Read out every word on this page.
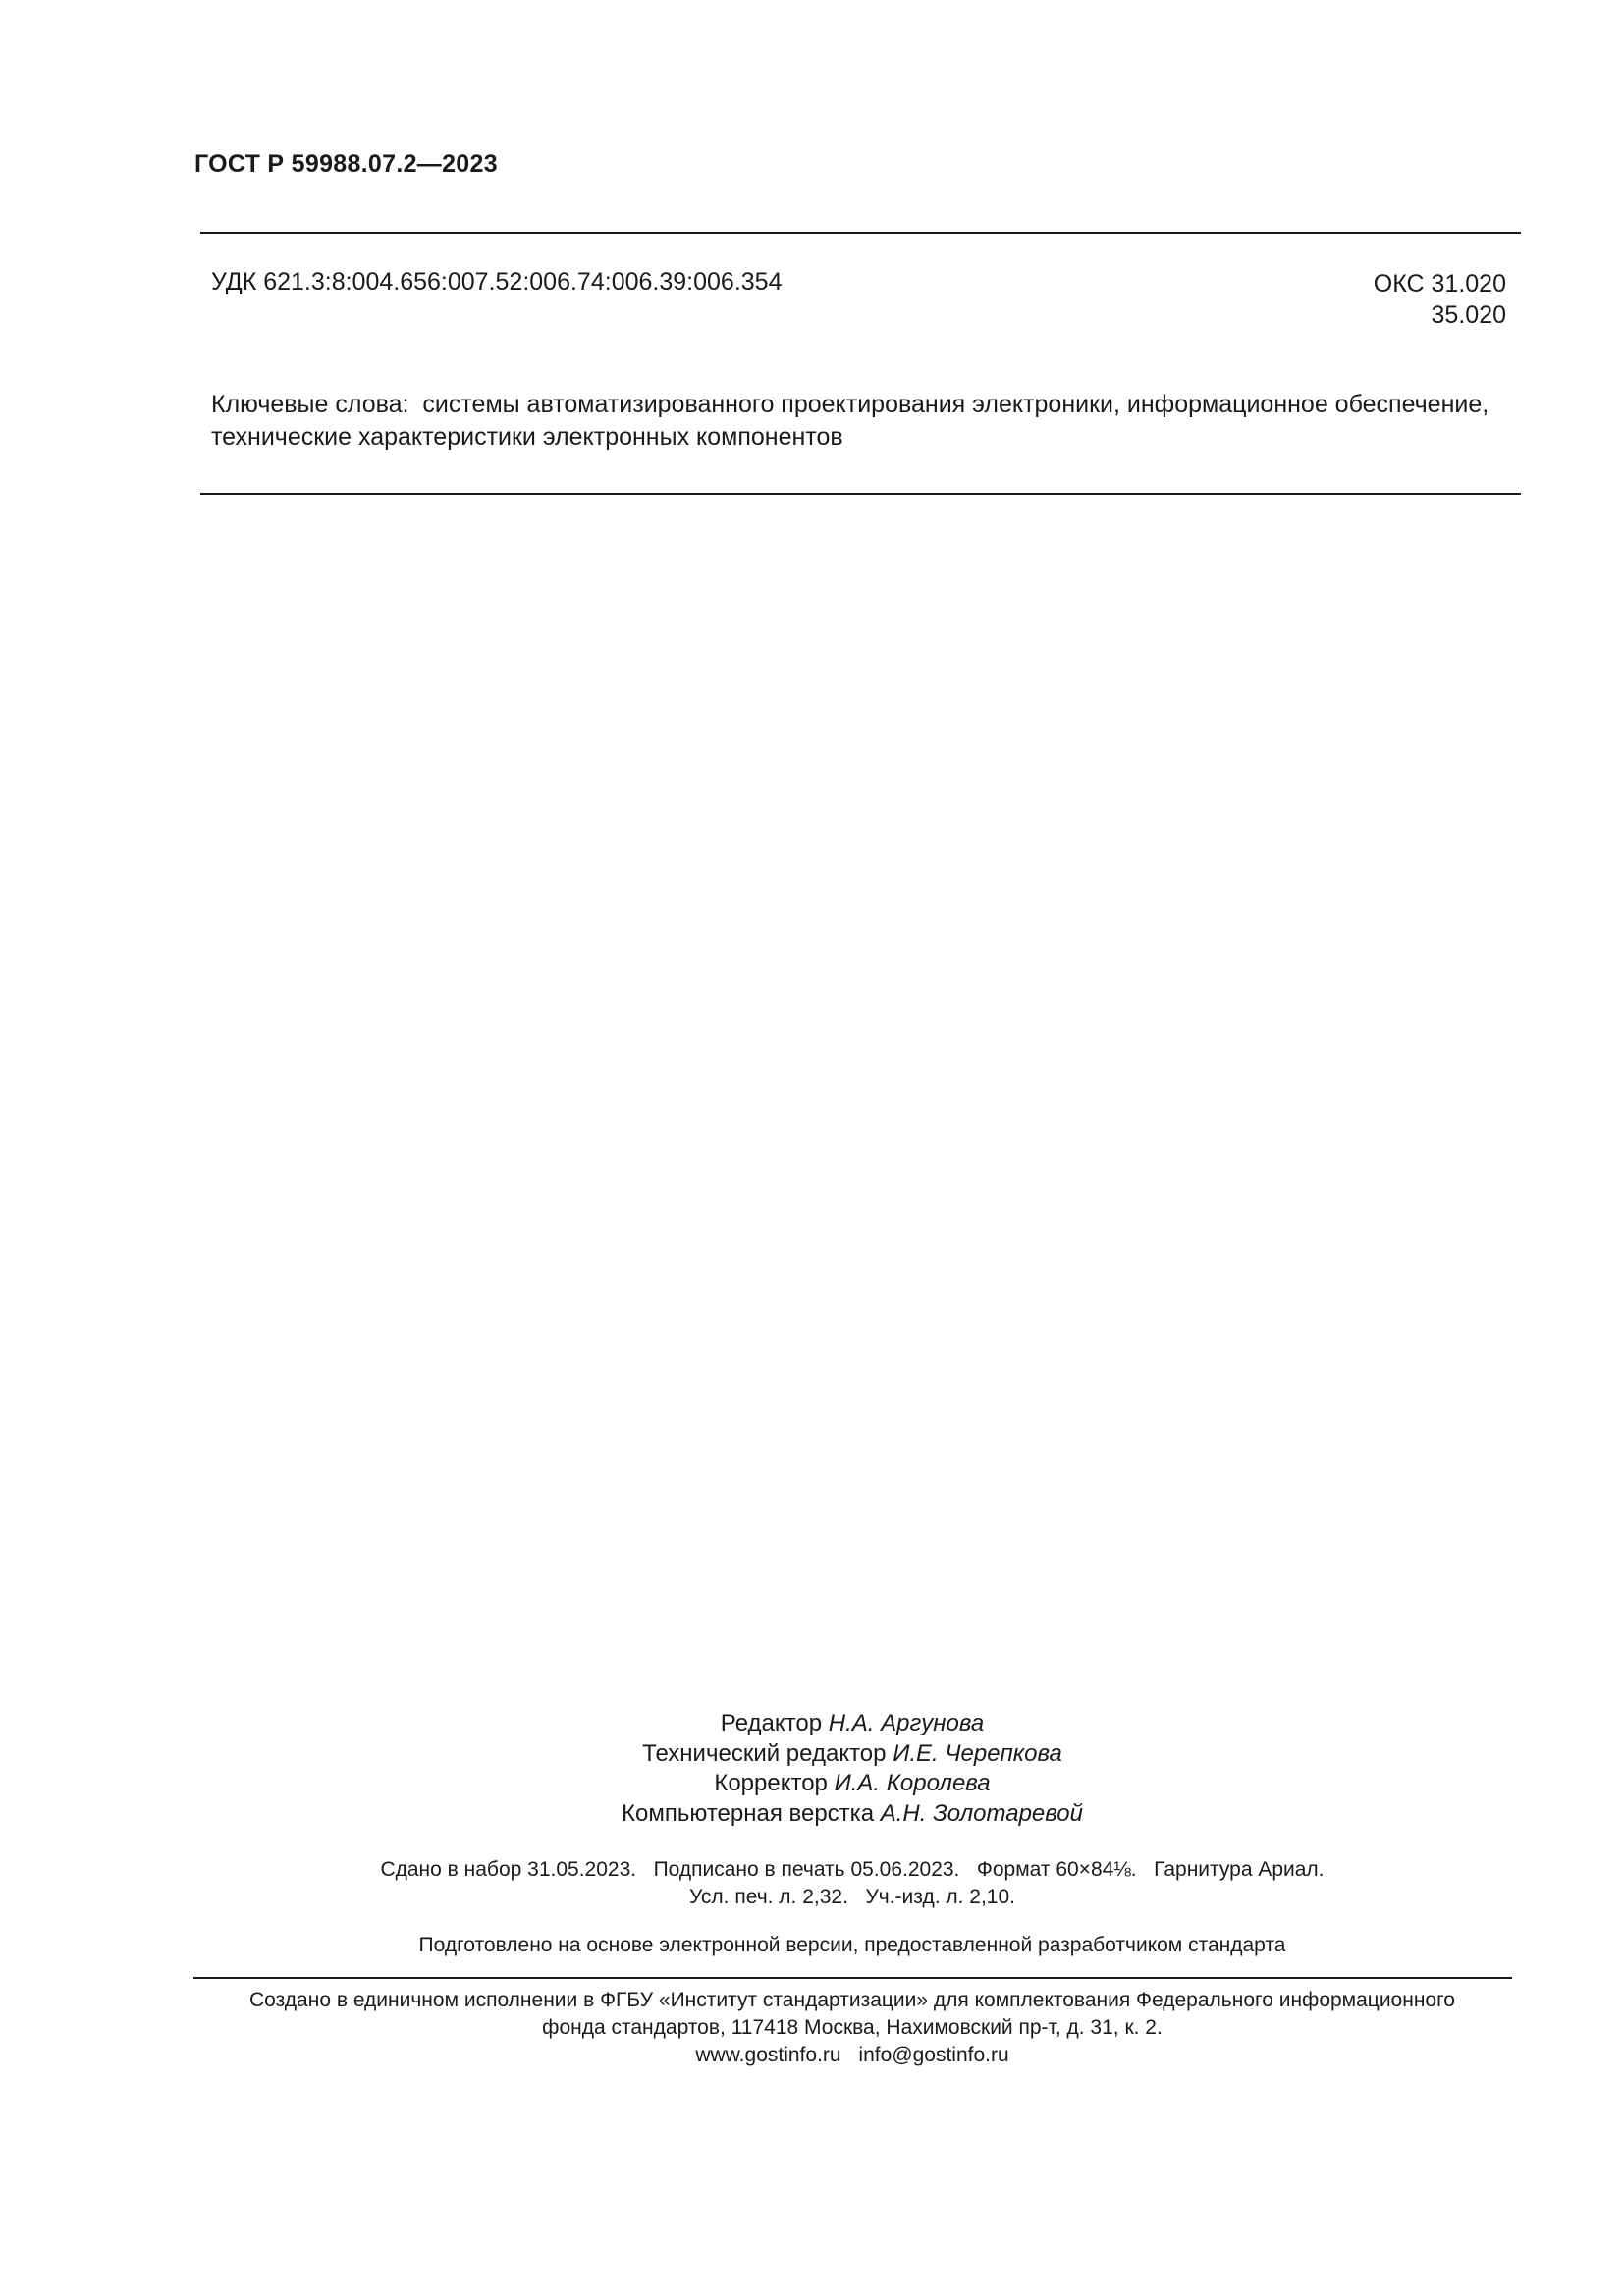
ГОСТ Р 59988.07.2—2023
УДК 621.3:8:004.656:007.52:006.74:006.39:006.354	ОКС 31.020
35.020
Ключевые слова: системы автоматизированного проектирования электроники, информационное обеспечение, технические характеристики электронных компонентов
Редактор Н.А. Аргунова
Технический редактор И.Е. Черепкова
Корректор И.А. Королева
Компьютерная верстка А.Н. Золотаревой
Сдано в набор 31.05.2023.   Подписано в печать 05.06.2023.   Формат 60×84⅛.   Гарнитура Ариал.
Усл. печ. л. 2,32.   Уч.-изд. л. 2,10.
Подготовлено на основе электронной версии, предоставленной разработчиком стандарта
Создано в единичном исполнении в ФГБУ «Институт стандартизации» для комплектования Федерального информационного
фонда стандартов, 117418 Москва, Нахимовский пр-т, д. 31, к. 2.
www.gostinfo.ru info@gostinfo.ru
